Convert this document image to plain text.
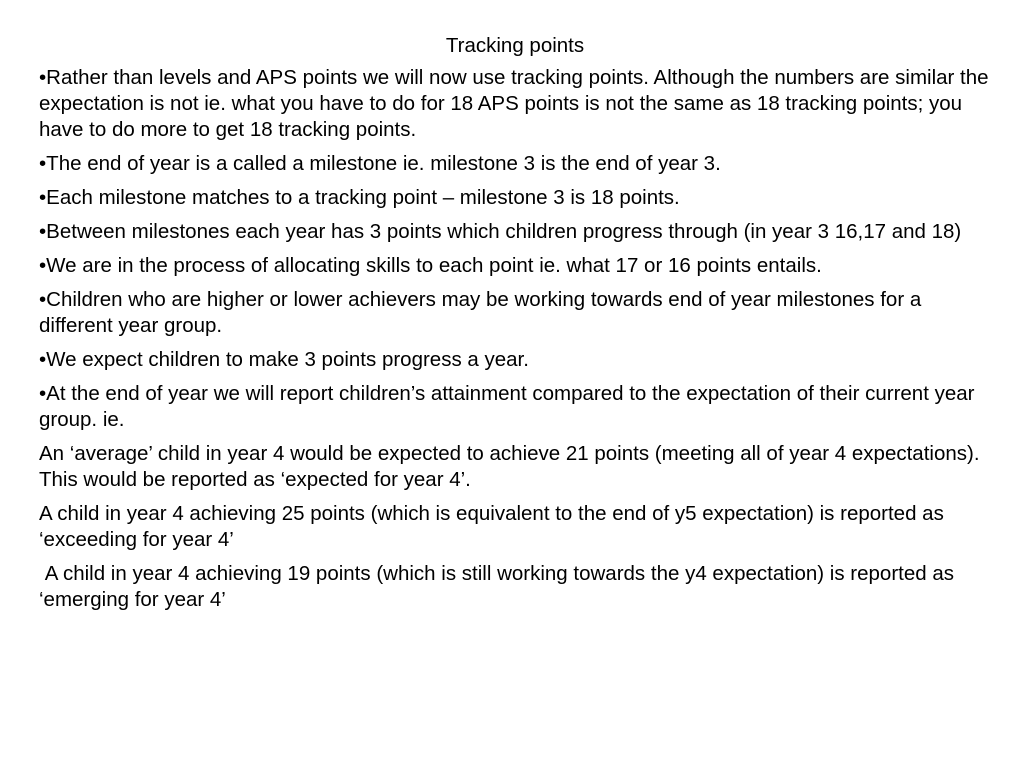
Tracking points
•Rather than levels and APS points we will now use tracking points. Although the numbers are similar the expectation is not ie. what you have to do for 18 APS points is not the same as 18 tracking points; you have to do more to get 18 tracking points.
•The end of year is a called a milestone ie. milestone 3 is the end of year 3.
•Each milestone matches to a tracking point – milestone 3 is 18 points.
•Between milestones each year has 3 points which children progress through (in year 3 16,17 and 18)
•We are in the process of allocating skills to each point ie. what 17 or 16 points entails.
•Children who are higher or lower achievers may be working towards end of year milestones for a different year group.
•We expect children to make 3 points progress a year.
•At the end of year we will report children’s attainment compared to the expectation of their current year group. ie.
An ‘average’ child in year 4 would be expected to achieve 21 points (meeting all of year 4 expectations). This would be reported as ‘expected for year 4’.
A child in year 4 achieving 25 points (which is equivalent to the end of y5 expectation) is reported as ‘exceeding for year 4’
A child in year 4 achieving 19 points (which is still working towards the y4 expectation) is reported as ‘emerging for year 4’
